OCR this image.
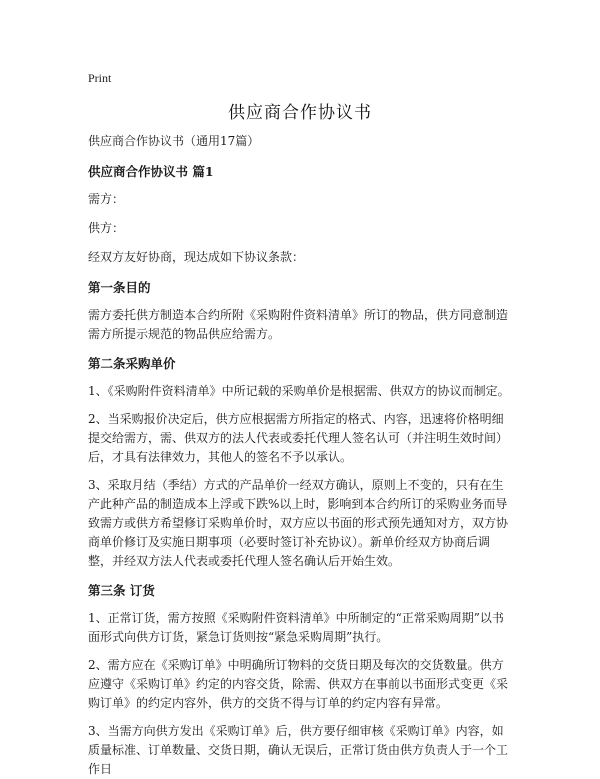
Print
供应商合作协议书
供应商合作协议书（通用17篇）
供应商合作协议书 篇1
需方：
供方：
经双方友好协商，现达成如下协议条款：
第一条目的
需方委托供方制造本合约所附《采购附件资料清单》所订的物品，供方同意制造需方所提示规范的物品供应给需方。
第二条采购单价
1、《采购附件资料清单》中所记载的采购单价是根据需、供双方的协议而制定。
2、当采购报价决定后，供方应根据需方所指定的格式、内容，迅速将价格明细提交给需方，需、供双方的法人代表或委托代理人签名认可（并注明生效时间）后，才具有法律效力，其他人的签名不予以承认。
3、采取月结（季结）方式的产品单价一经双方确认，原则上不变的，只有在生产此种产品的制造成本上浮或下跌%以上时，影响到本合约所订的采购业务而导致需方或供方希望修订采购单价时，双方应以书面的形式预先通知对方，双方协商单价修订及实施日期事项（必要时签订补充协议）。新单价经双方协商后调整，并经双方法人代表或委托代理人签名确认后开始生效。
第三条 订货
1、正常订货，需方按照《采购附件资料清单》中所制定的“正常采购周期”以书面形式向供方订货，紧急订货则按“紧急采购周期”执行。
2、需方应在《采购订单》中明确所订物料的交货日期及每次的交货数量。供方应遵守《采购订单》约定的内容交货，除需、供双方在事前以书面形式变更《采购订单》的约定内容外，供方的交货不得与订单的约定内容有异常。
3、当需方向供方发出《采购订单》后，供方要仔细审核《采购订单》内容，如质量标准、订单数量、交货日期，确认无误后，正常订货由供方负责人于一个工作日
